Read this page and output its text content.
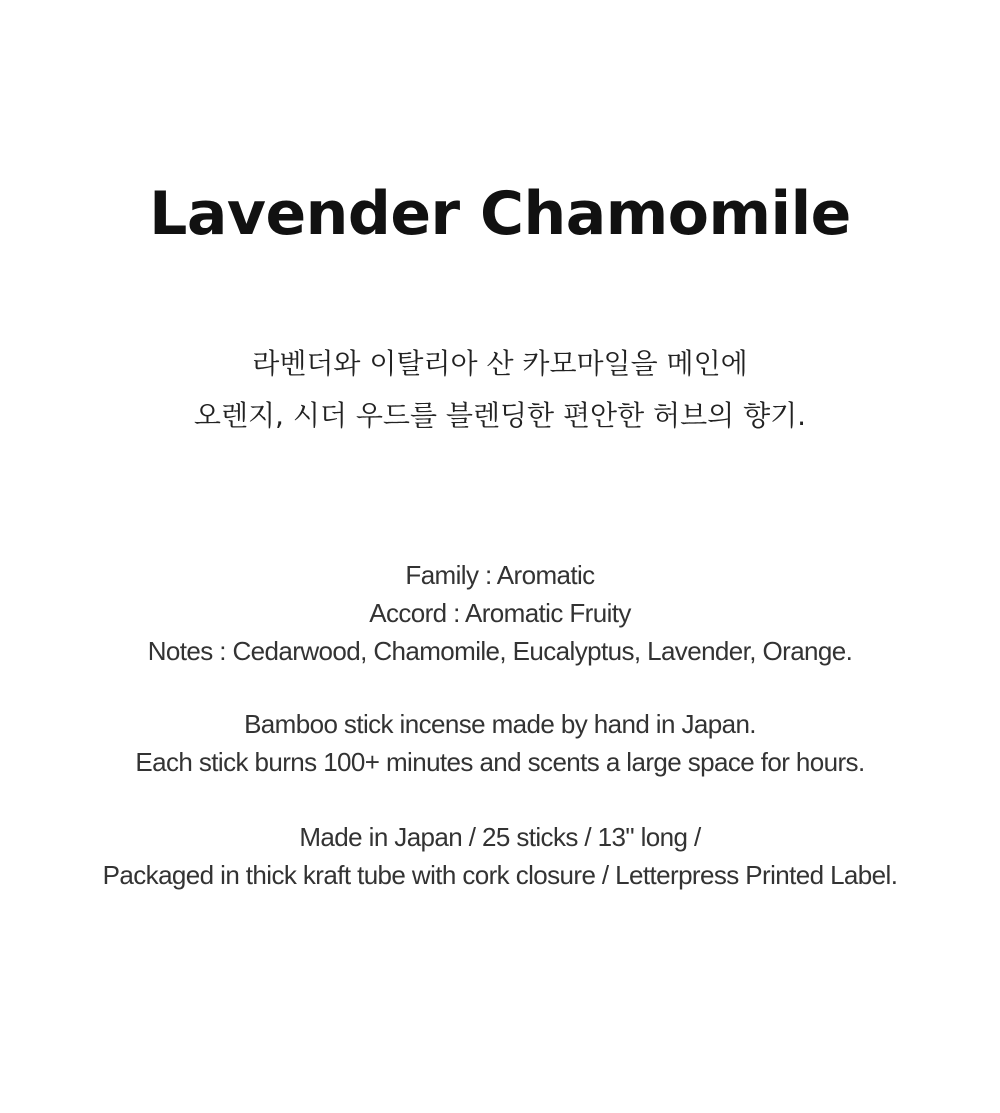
Lavender Chamomile
라벤더와 이탈리아 산 카모마일을 메인에
오렌지, 시더 우드를 블렌딩한 편안한 허브의 향기.
Family : Aromatic
Accord : Aromatic Fruity
Notes : Cedarwood, Chamomile, Eucalyptus, Lavender, Orange.
Bamboo stick incense made by hand in Japan.
Each stick burns 100+ minutes and scents a large space for hours.
Made in Japan / 25 sticks / 13" long /
Packaged in thick kraft tube with cork closure / Letterpress Printed Label.
